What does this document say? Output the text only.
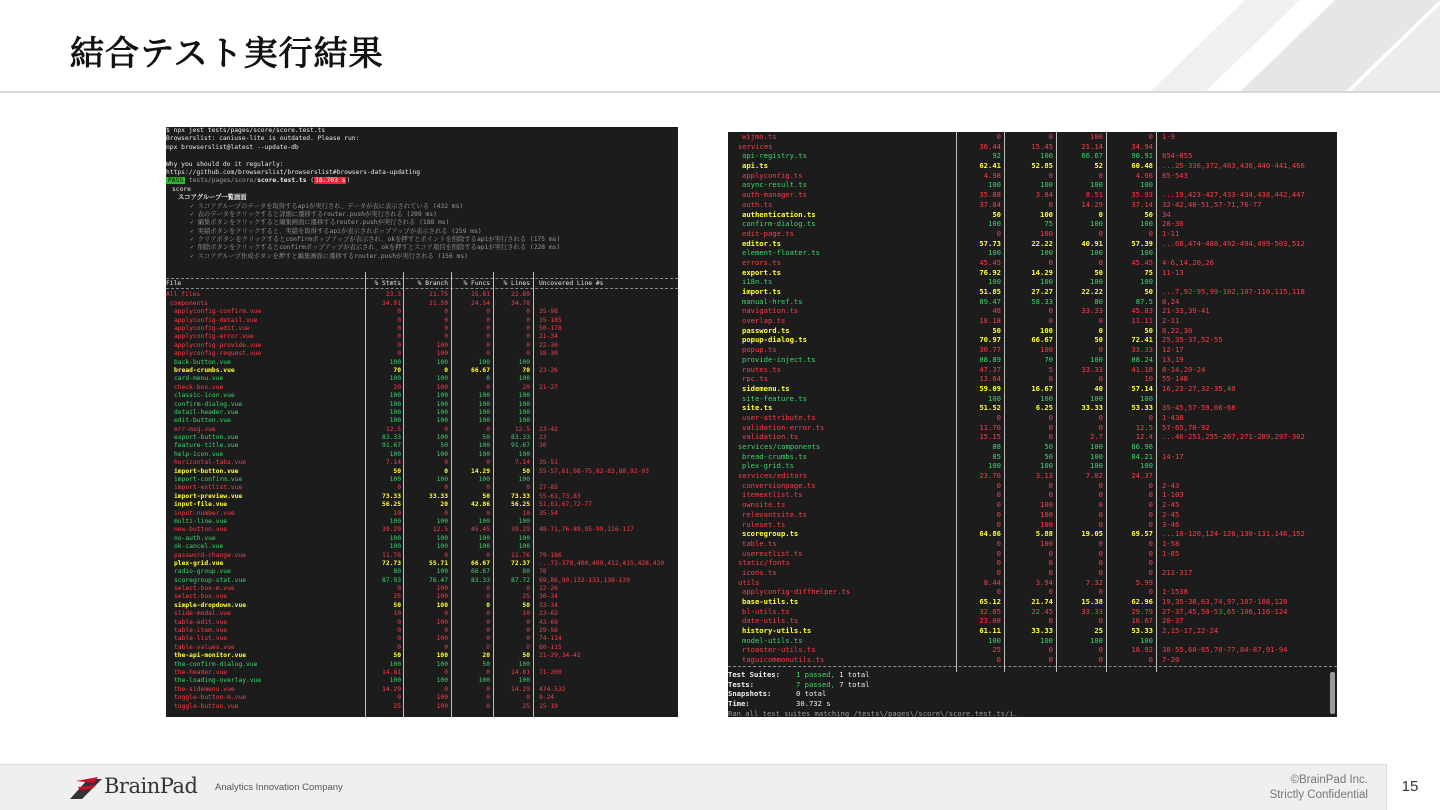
結合テスト実行結果
$ npx jest tests/pages/score/score.test.ts
Browserslist: caniuse-lite is outdated. Please run:
npx browserslist@latest --update-db
Why you should do it regularly:
https://github.com/browserslist/browserslist#browsers-data-updating
PASS tests/pages/score/score.test.ts (16.703 s)
score
スコアグループ一覧画面
✓ スコアグループのデータを取得するapiが実行され、データが表に表示されている (432 ms)
✓ 表のデータをクリックすると詳細に遷移するrouter.pushが実行される (209 ms)
✓ 編集ボタンをクリックすると編集画面に遷移するrouter.pushが実行される (188 ms)
✓ 実績ボタンをクリックすると、実績を取得するapiが表示されポップアップが表示される (259 ms)
✓ クリアボタンをクリックするとconfirmポップアップが表示され、okを押すとポイントを削除するapiが実行される (175 ms)
✓ 削除ボタンをクリックするとconfirmポップアップが表示され、okを押すとスコア項目を削除するapiが実行される (228 ms)
✓ スコアグループ作成ボタンを押すと編集画面に遷移するrouter.pushが実行される (156 ms)
File	% Stmts	% Branch	% Funcs	% Lines Uncovered Line #s
All files	23.3	11.75	15.81	22.89
components	34.91	21.59	24.54	34.78
applyconfig-confirm.vue	0	0	0	0 35-98
applyconfig-detail.vue	0	0	0	0 35-105
applyconfig-edit.vue	0	0	0	0 50-178
applyconfig-error.vue	0	0	0	0 21-34
applyconfig-provide.vue	0	100	0	0 22-30
applyconfig-request.vue	0	100	0	0 18-30
back-button.vue	100	100	100	100
bread-crumbs.vue	70	0	66.67	70 23-26
card-menu.vue	100	100	0	100
check-box.vue	20	100	0	20 21-27
classic-icon.vue	100	100	100	100
confirm-dialog.vue	100	100	100	100
detail-header.vue	100	100	100	100
edit-button.vue	100	100	100	100
err-msg.vue	12.5	0	0	12.5 23-42
export-button.vue	83.33	100	50	83.33 23
feature-title.vue	91.67	50	100	91.67 30
help-icon.vue	100	100	100	100
horizontal-tabs.vue	7.14	0	0	7.14 35-51
import-button.vue	50	0	14.29	50 55-57,61,68-75,82-83,88,92-93
import-confirm.vue	100	100	100	100
import-extlist.vue	0	0	0	0 27-85
import-preview.vue	73.33	33.33	50	73.33 55-61,73,83
input-file.vue	56.25	20	42.86	56.25 51,61,67,72-77
input-number.vue	10	0	0	10 35-54
multi-line.vue	100	100	100	100
new-button.vue	39.29	12.5	45.45	39.29 48-71,76-89,95-99,116-117
no-auth.vue	100	100	100	100
ok-cancel.vue	100	100	100	100
password-change.vue	11.76	0	0	11.76 79-186
plex-grid.vue	72.73	55.71	66.67	72.37 ...73-379,400,409,412,415,428,430
radio-group.vue	80	100	66.67	80 78
scoregroup-stat.vue	87.93	76.47	83.33	87.72 69,86,90,132-133,138-139
select-box-m.vue	0	100	0	0 12-26
select-box.vue	25	100	0	25 30-34
simple-dropdown.vue	50	100	0	50 33-34
slide-modal.vue	10	0	0	10 23-62
table-edit.vue	0	100	0	0 43-69
table-item.vue	0	0	0	0 29-56
table-list.vue	0	100	0	0 74-114
table-values.vue	0	0	0	0 60-115
the-api-monitor.vue	50	100	20	50 21-29,34-42
the-confirm-dialog.vue	100	100	50	100
the-header.vue	14.81	0	0	14.81 71-200
the-loading-overlay.vue	100	100	100	100
the-sidemenu.vue	14.29	0	0	14.29 474-532
toggle-button-m.vue	0	100	0	0 9-24
toggle-button.vue	25	100	0	25 15-19
wijmo.ts	0	0	100	0 1-9
services	36.44	15.45	21.14	34.94
api-registry.ts	92	100	66.67	90.91 854-855
api.ts	62.41	52.85	52	60.48 ...25-336,372,403,436,440-441,466
applyconfig.ts	4.98	0	0	4.66 85-543
async-result.ts	100	100	100	100
auth-manager.ts	35.88	3.84	8.51	35.93 ...19,423-427,433-434,438,442,447
auth.ts	37.84	0	14.29	37.14 32-42,48-51,57-71,76-77
authentication.ts	50	100	0	50 34
confirm-dialog.ts	100	75	100	100 28-30
edit-page.ts	0	100	0	0 1-11
editor.ts	57.73	22.22	40.91	57.39 ...68,474-488,492-494,499-503,512
element-floater.ts	100	100	100	100
errors.ts	45.45	0	0	45.45 4-6,14,20,26
export.ts	76.92	14.29	50	75 11-13
i18n.ts	100	100	100	100
import.ts	51.85	27.27	22.22	50 ...7,92-95,99-102,107-110,115,118
manual-href.ts	89.47	58.33	80	87.5 8,24
navigation.ts	48	0	33.33	45.83 21-33,39-41
overlap.ts	18.18	0	0	11.11 2-11
password.ts	50	100	0	50 8,22,30
popup-dialog.ts	70.97	66.67	50	72.41 25,35-37,52-55
popup.ts	30.77	100	0	33.33 12-17
provide-inject.ts	88.89	70	100	88.24 13,19
routes.ts	47.37	5	33.33	41.18 8-14,20-24
rpc.ts	13.64	0	0	10 55-148
sidemenu.ts	59.09	16.67	40	57.14 16,23-27,32-35,40
site-feature.ts	100	100	100	100
site.ts	51.52	6.25	33.33	53.33 35-45,57-59,66-68
user-attribute.ts	0	0	0	0 1-438
validation-error.ts	11.76	0	0	12.5 57-65,70-92
validation.ts	15.15	0	2.7	12.4 ...46-251,255-267,271-289,297-302
services/components	88	50	100	86.96
bread-crumbs.ts	85	50	100	84.21 14-17
plex-grid.ts	100	100	100	100
services/editors	23.76	3.13	7.02	24.37
conversionpage.ts	0	0	0	0 2-43
itemextlist.ts	0	0	0	0 1-103
ownsite.ts	0	100	0	0 2-45
relevantsite.ts	0	100	0	0 2-45
ruleset.ts	0	100	0	0 3-46
scoregroup.ts	64.86	5.88	19.05	69.57 ...18-120,124-126,130-131,146,152
table.ts	0	100	0	0 1-58
userextlist.ts	0	0	0	0 1-85
static/fonts	0	0	0	0
icons.ts	0	0	0	0 211-317
utils	8.44	3.94	7.32	5.99
applyconfig-diffhelper.ts	0	0	0	0 1-1538
base-utils.ts	65.12	21.74	15.38	62.96 19,35-38,63,74,97,107-108,120
bl-utils.ts	32.65	22.45	33.33	29.79 27-37,45,50-53,65-106,116-124
date-utils.ts	23.08	0	0	16.67 20-37
history-utils.ts	61.11	33.33	25	53.33 2,15-17,22-24
model-utils.ts	100	100	100	100
rtoaster-utils.ts	25	0	0	18.92 38-55,60-65,70-77,84-87,91-94
taguicommonutils.ts	0	0	0	0 7-20
Test Suites: 1 passed, 1 total
Tests:	7 passed, 7 total
Snapshots:	0 total
Time:	30.732 s
Ran all test suites matching /tests\/pages\/score\/score.test.ts/i.
BrainPad Analytics Innovation Company
©BrainPad Inc.
Strictly Confidential	15
